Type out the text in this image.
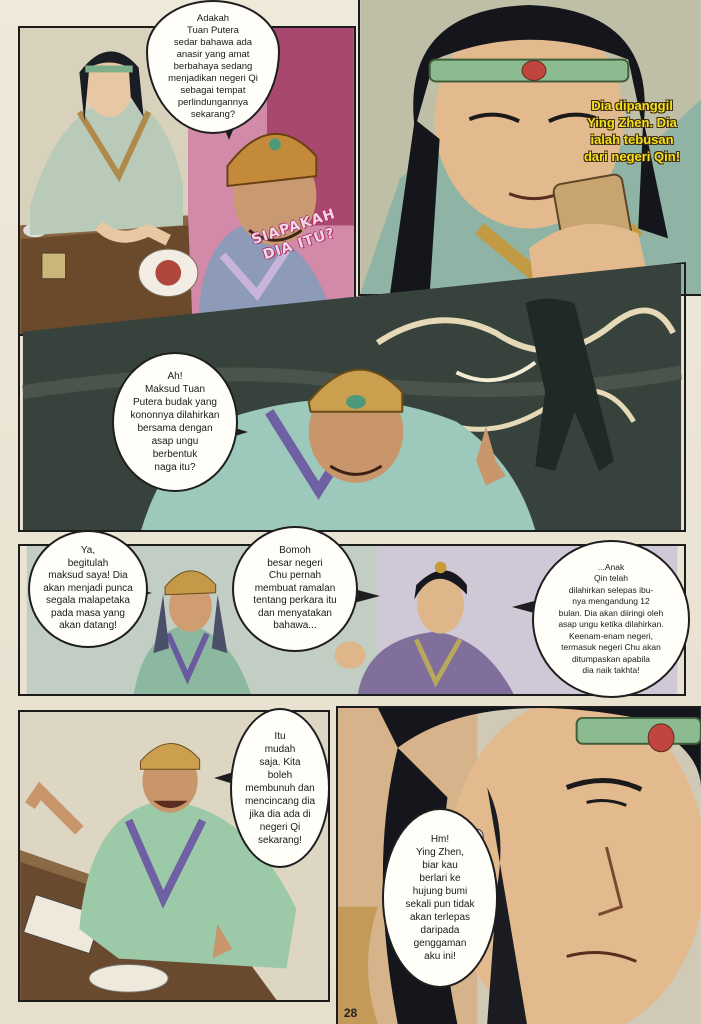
Adakah
Tuan Putera
sedar bahawa ada
anasir yang amat
berbahaya sedang
menjadikan negeri Qi
sebagai tempat
perlindungannya
sekarang?

SIAPAKAH
DIA ITU?

Dia dipanggil
Ying Zhen. Dia
ialah tebusan
dari negeri Qin!

Ah!
Maksud Tuan
Putera budak yang
kononnya dilahirkan
bersama dengan
asap ungu
berbentuk
naga itu?
Ya,
begitulah
maksud saya! Dia
akan menjadi punca
segala malapetaka
pada masa yang
akan datang!
Bomoh
besar negeri
Chu pernah
membuat ramalan
tentang perkara itu
dan menyatakan
bahawa...
...Anak
Qin telah
dilahirkan selepas ibu-
nya mengandung 12
bulan. Dia akan diiringi oleh
asap ungu ketika dilahirkan.
Keenam-enam negeri,
termasuk negeri Chu akan
ditumpaskan apabila
dia naik takhta!
Itu
mudah
saja. Kita
boleh
membunuh dan
mencincang dia
jika dia ada di
negeri Qi
sekarang!	Hm!
Ying Zhen,
biar kau
berlari ke
hujung bumi
sekali pun tidak
akan terlepas
daripada
genggaman
aku ini!
28
